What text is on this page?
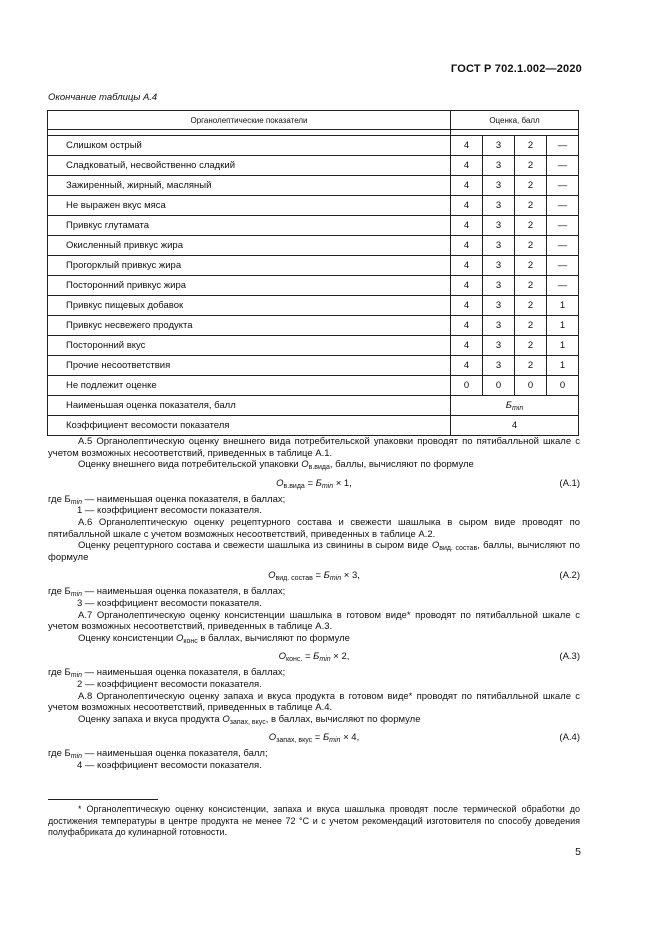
ГОСТ Р 702.1.002—2020
Окончание таблицы А.4
Органолептические показатели	Оценка, балл			

Слишком острый	4	3	2	—
Сладковатый, несвойственно сладкий	4	3	2	—
Зажиренный, жирный, масляный	4	3	2	—
Не выражен вкус мяса	4	3	2	—
Привкус глутамата	4	3	2	—
Окисленный привкус жира	4	3	2	—
Прогорклый привкус жира	4	3	2	—
Посторонний привкус жира	4	3	2	—
Привкус пищевых добавок	4	3	2	1
Привкус несвежего продукта	4	3	2	1
Посторонний вкус	4	3	2	1
Прочие несоответствия	4	3	2	1
Не подлежит оценке	0	0	0	0
Наименьшая оценка показателя, балл	$Б_{min}$
Коэффициент весомости показателя	4			

А.5 Органолептическую оценку внешнего вида потребительской упаковки проводят по пятибалльной шкале с учетом возможных несоответствий, приведенных в таблице А.1.

Оценку внешнего вида потребительской упаковки $О_{в.вида}$, баллы, вычисляют по формуле

$О_{в.вида} = Б_{min} \times 1$,	(А.1)

где $Б_{min}$ — наименьшая оценка показателя, в баллах;

1 — коэффициент весомости показателя.

А.6 Органолептическую оценку рецептурного состава и свежести шашлыка в сыром виде проводят по пятибалльной шкале с учетом возможных несоответствий, приведенных в таблице А.2.

Оценку рецептурного состава и свежести шашлыка из свинины в сыром виде $О_{вид. состав}$, баллы, вычисляют по формуле

$О_{вид. состав} = Б_{min} \times 3$,	(А.2)

где $Б_{min}$ — наименьшая оценка показателя, в баллах;

3 — коэффициент весомости показателя.

А.7 Органолептическую оценку консистенции шашлыка в готовом виде* проводят по пятибалльной шкале с учетом возможных несоответствий, приведенных в таблице А.3.

Оценку консистенции $О_{конс}$ в баллах, вычисляют по формуле

$О_{конс.} = Б_{min} \times 2$,	(А.3)

где $Б_{min}$ — наименьшая оценка показателя, в баллах;

2 — коэффициент весомости показателя.

А.8 Органолептическую оценку запаха и вкуса продукта в готовом виде* проводят по пятибалльной шкале с учетом возможных несоответствий, приведенных в таблице А.4.

Оценку запаха и вкуса продукта $О_{запах, вкус}$, в баллах, вычисляют по формуле

$О_{запах, вкус} = Б_{min} \times 4$,	(А.4)

где $Б_{min}$ — наименьшая оценка показателя, балл;

4 — коэффициент весомости показателя.

* Органолептическую оценку консистенции, запаха и вкуса шашлыка проводят после термической обработки до достижения температуры в центре продукта не менее 72 °С и с учетом рекомендаций изготовителя по способу доведения полуфабриката до кулинарной готовности.

5
